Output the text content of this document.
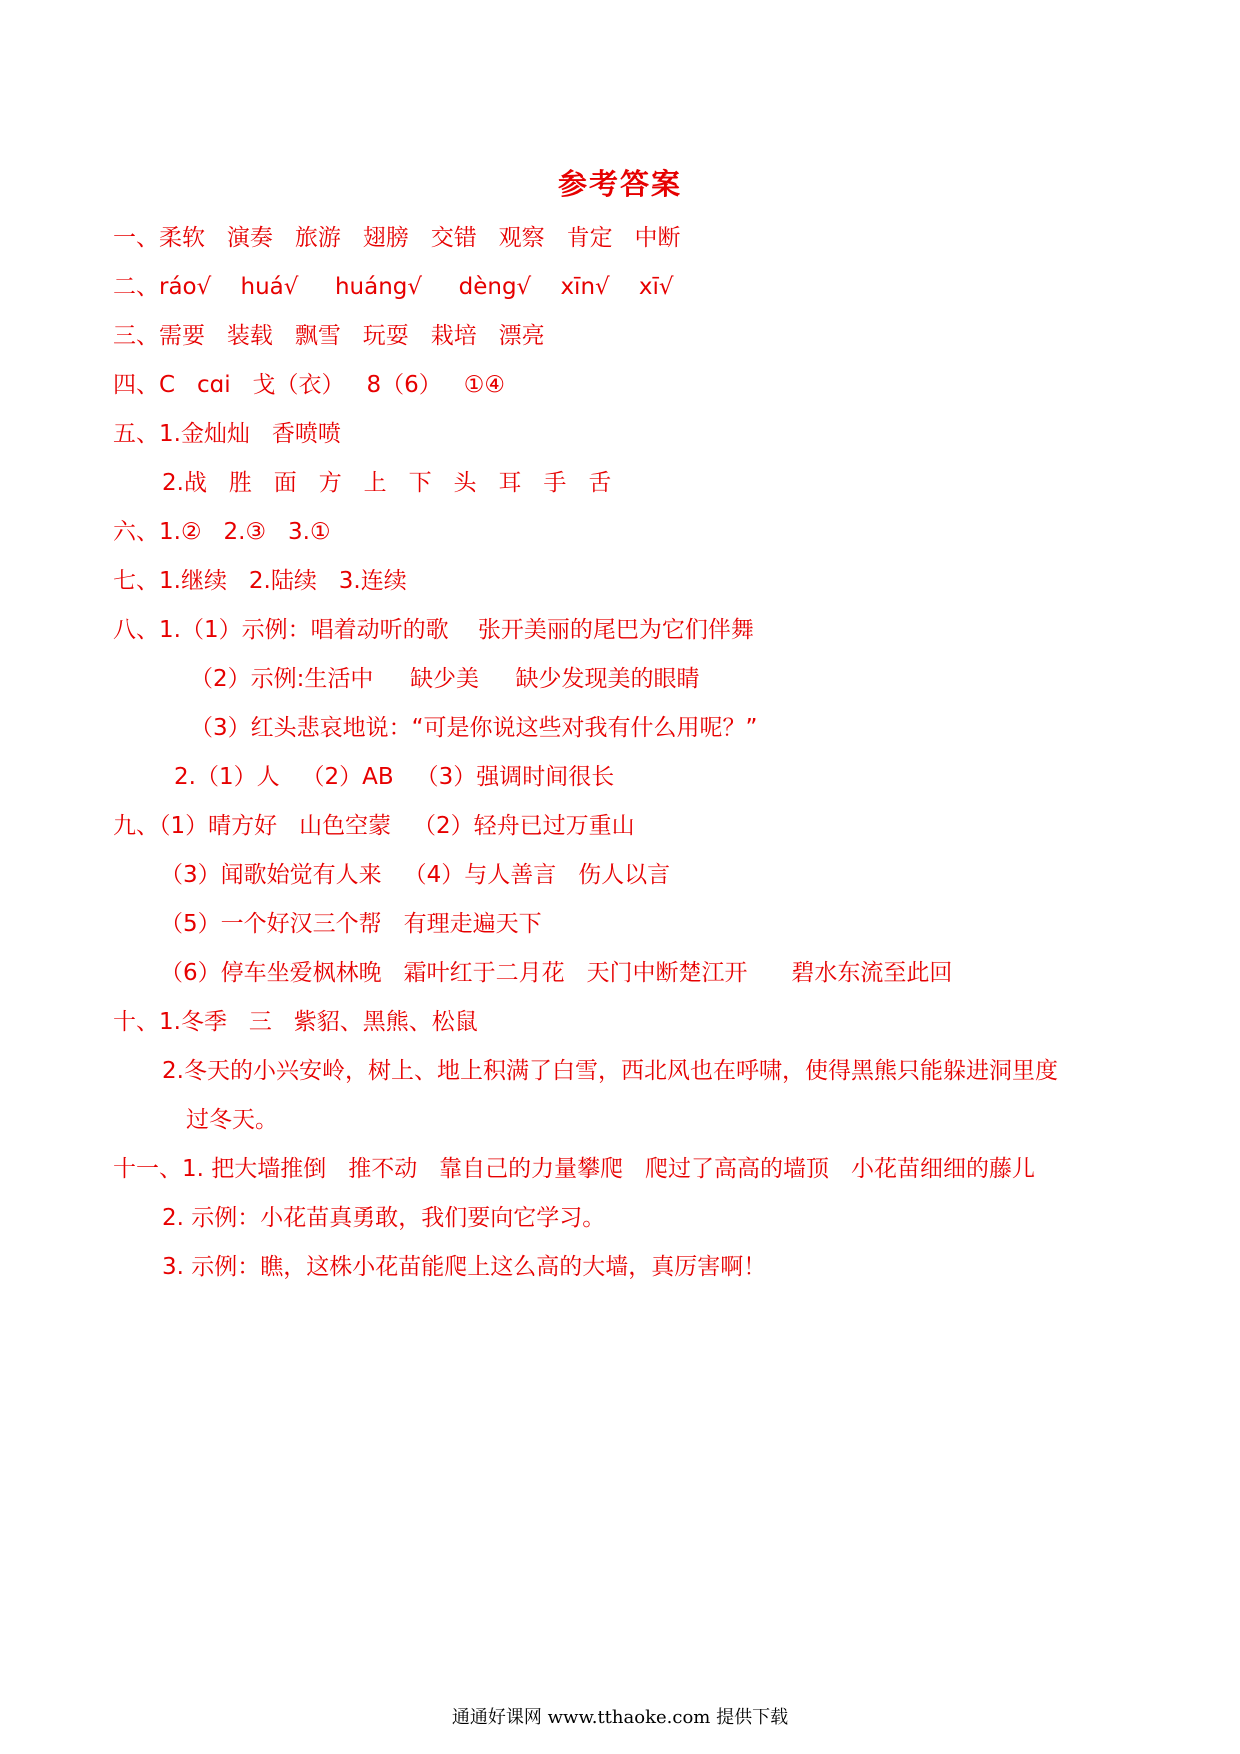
参考答案
一、柔软   演奏   旅游   翅膀   交错   观察   肯定   中断
二、ráo√    huá√     huáng√     dèng√    xīn√    xī√
三、需要   装载   飘雪   玩耍   栽培   漂亮
四、C   cɑi   戈（衣）   8（6）   ①④
五、1.金灿灿   香喷喷
2.战   胜   面   方   上   下   头   耳   手   舌
六、1.②   2.③   3.①
七、1.继续   2.陆续   3.连续
八、1.（1）示例：唱着动听的歌    张开美丽的尾巴为它们伴舞
（2）示例:生活中     缺少美     缺少发现美的眼睛
（3）红头悲哀地说：“可是你说这些对我有什么用呢？”
2.（1）人   （2）AB   （3）强调时间很长
九、（1）晴方好   山色空蒙   （2）轻舟已过万重山
（3）闻歌始觉有人来   （4）与人善言   伤人以言
（5）一个好汉三个帮   有理走遍天下
（6）停车坐爱枫林晚   霜叶红于二月花   天门中断楚江开      碧水东流至此回
十、1.冬季   三   紫貂、黑熊、松鼠
2.冬天的小兴安岭，树上、地上积满了白雪，西北风也在呼啸，使得黑熊只能躲进洞里度
过冬天。
十一、1. 把大墙推倒   推不动   靠自己的力量攀爬   爬过了高高的墙顶   小花苗细细的藤儿
2. 示例：小花苗真勇敢，我们要向它学习。
3. 示例：瞧，这株小花苗能爬上这么高的大墙，真厉害啊！
通通好课网 www.tthaoke.com 提供下载
